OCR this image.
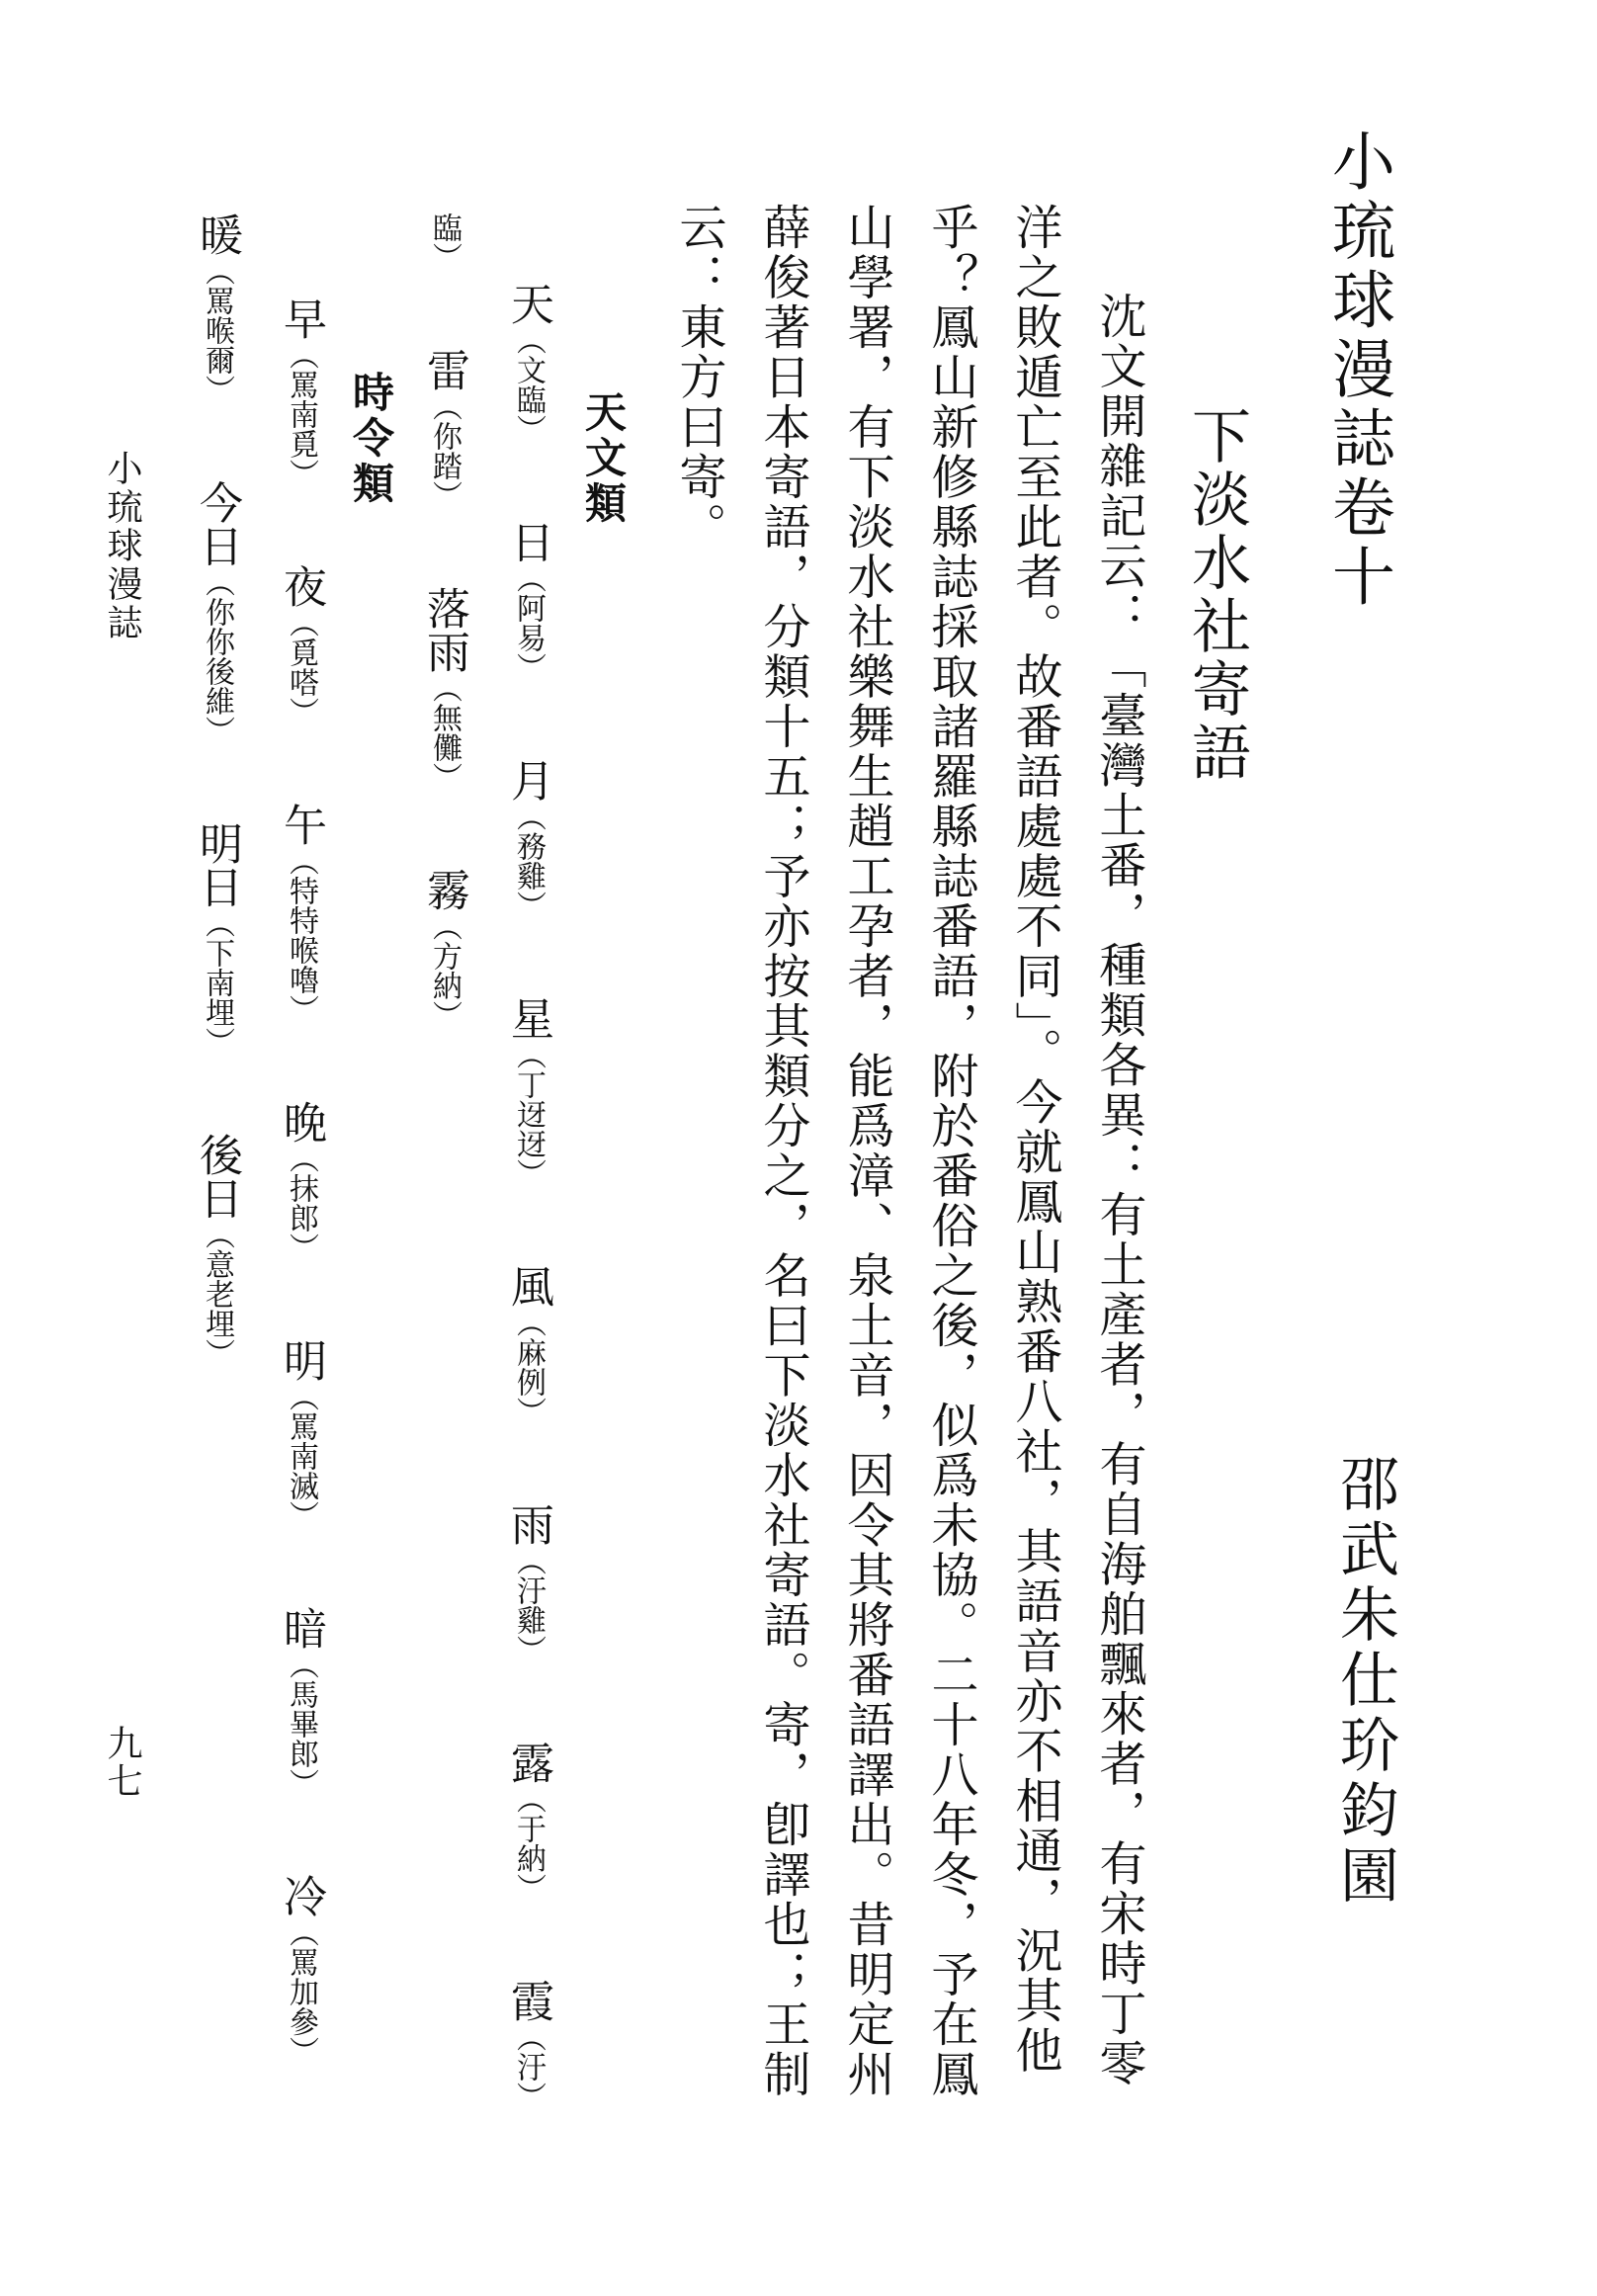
小琉球漫誌卷十
邵武朱仕玠鈞園
下淡水社寄語
沈文開雜記云：「臺灣土番，種類各異：有土產者，有自海舶飄來者，有宋時丁零
洋之敗遁亡至此者。故番語處處不同」。今就鳳山熟番八社，其語音亦不相通，況其他
乎？鳳山新修縣誌採取諸羅縣誌番語，附於番俗之後，似爲未協。二十八年冬，予在鳳
山學署，有下淡水社樂舞生趙工孕者，能爲漳、泉土音，因令其將番語譯出。昔明定州
薛俊著日本寄語，分類十五；予亦按其類分之，名曰下淡水社寄語。寄，卽譯也；王制
云：東方曰寄。
天文類
天（ 文臨 ） 日（ 阿易 ） 月（ 務雞 ） 星（ 丁迓迓 ） 風（ 麻例 ） 雨（ 汙雞 ） 露（ 于納 ） 霞（ 汙 ）
臨） 雷（ 你踏 ） 落雨（ 無儺 ） 霧（ 方納 ）
時令類
早（ 罵南覓 ） 夜（ 覓嗒 ） 午（ 特特喉嚕 ） 晚（ 抹郎 ） 明（ 罵南滅 ） 暗（ 馬畢郎 ） 冷（ 罵加參 ）
暖（ 罵喉爾 ） 今日（ 你你後維 ） 明日（ 下南埋 ） 後日（ 意老埋 ）
小琉球漫誌
九七
